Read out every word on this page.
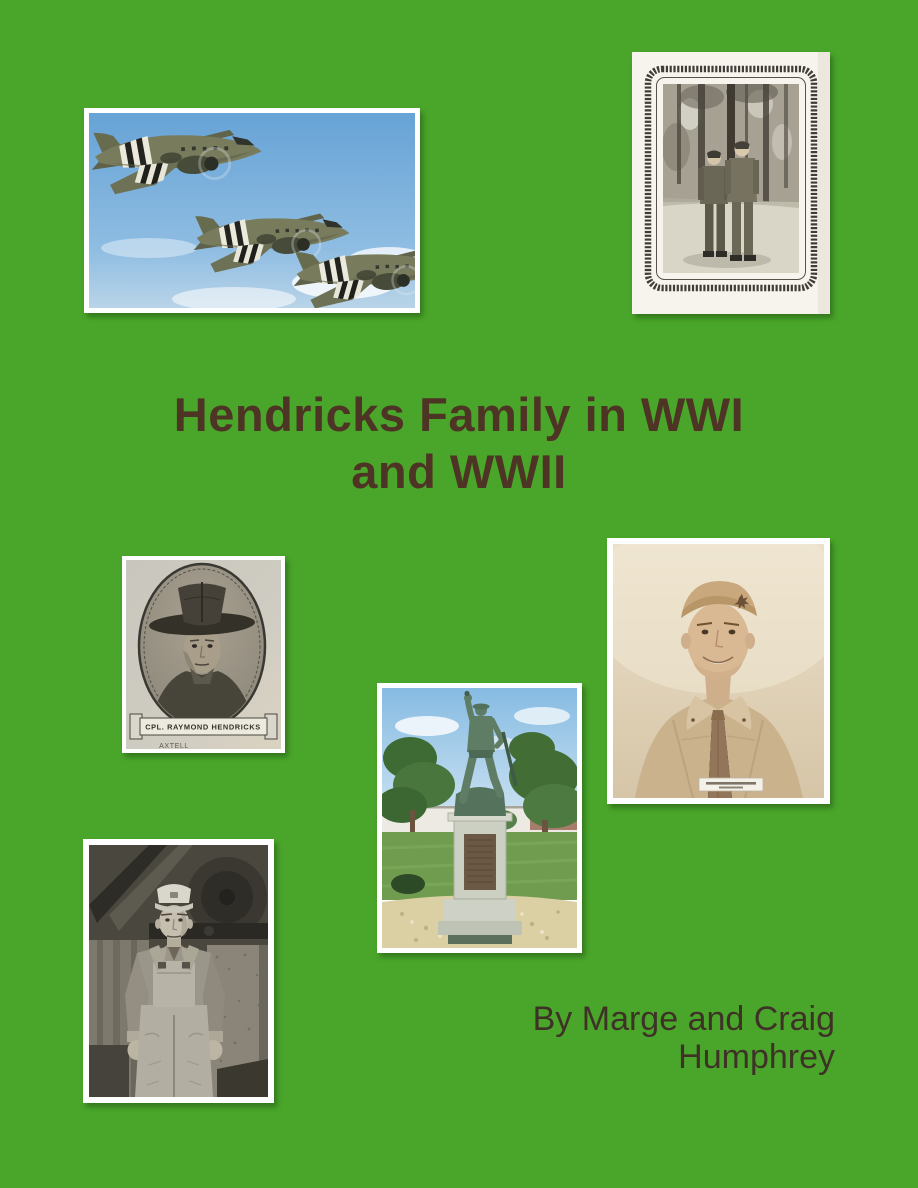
Hendricks Family in WWI
and WWII
CPL. RAYMOND HENDRICKS
AXTELL
By Marge and Craig
Humphrey
